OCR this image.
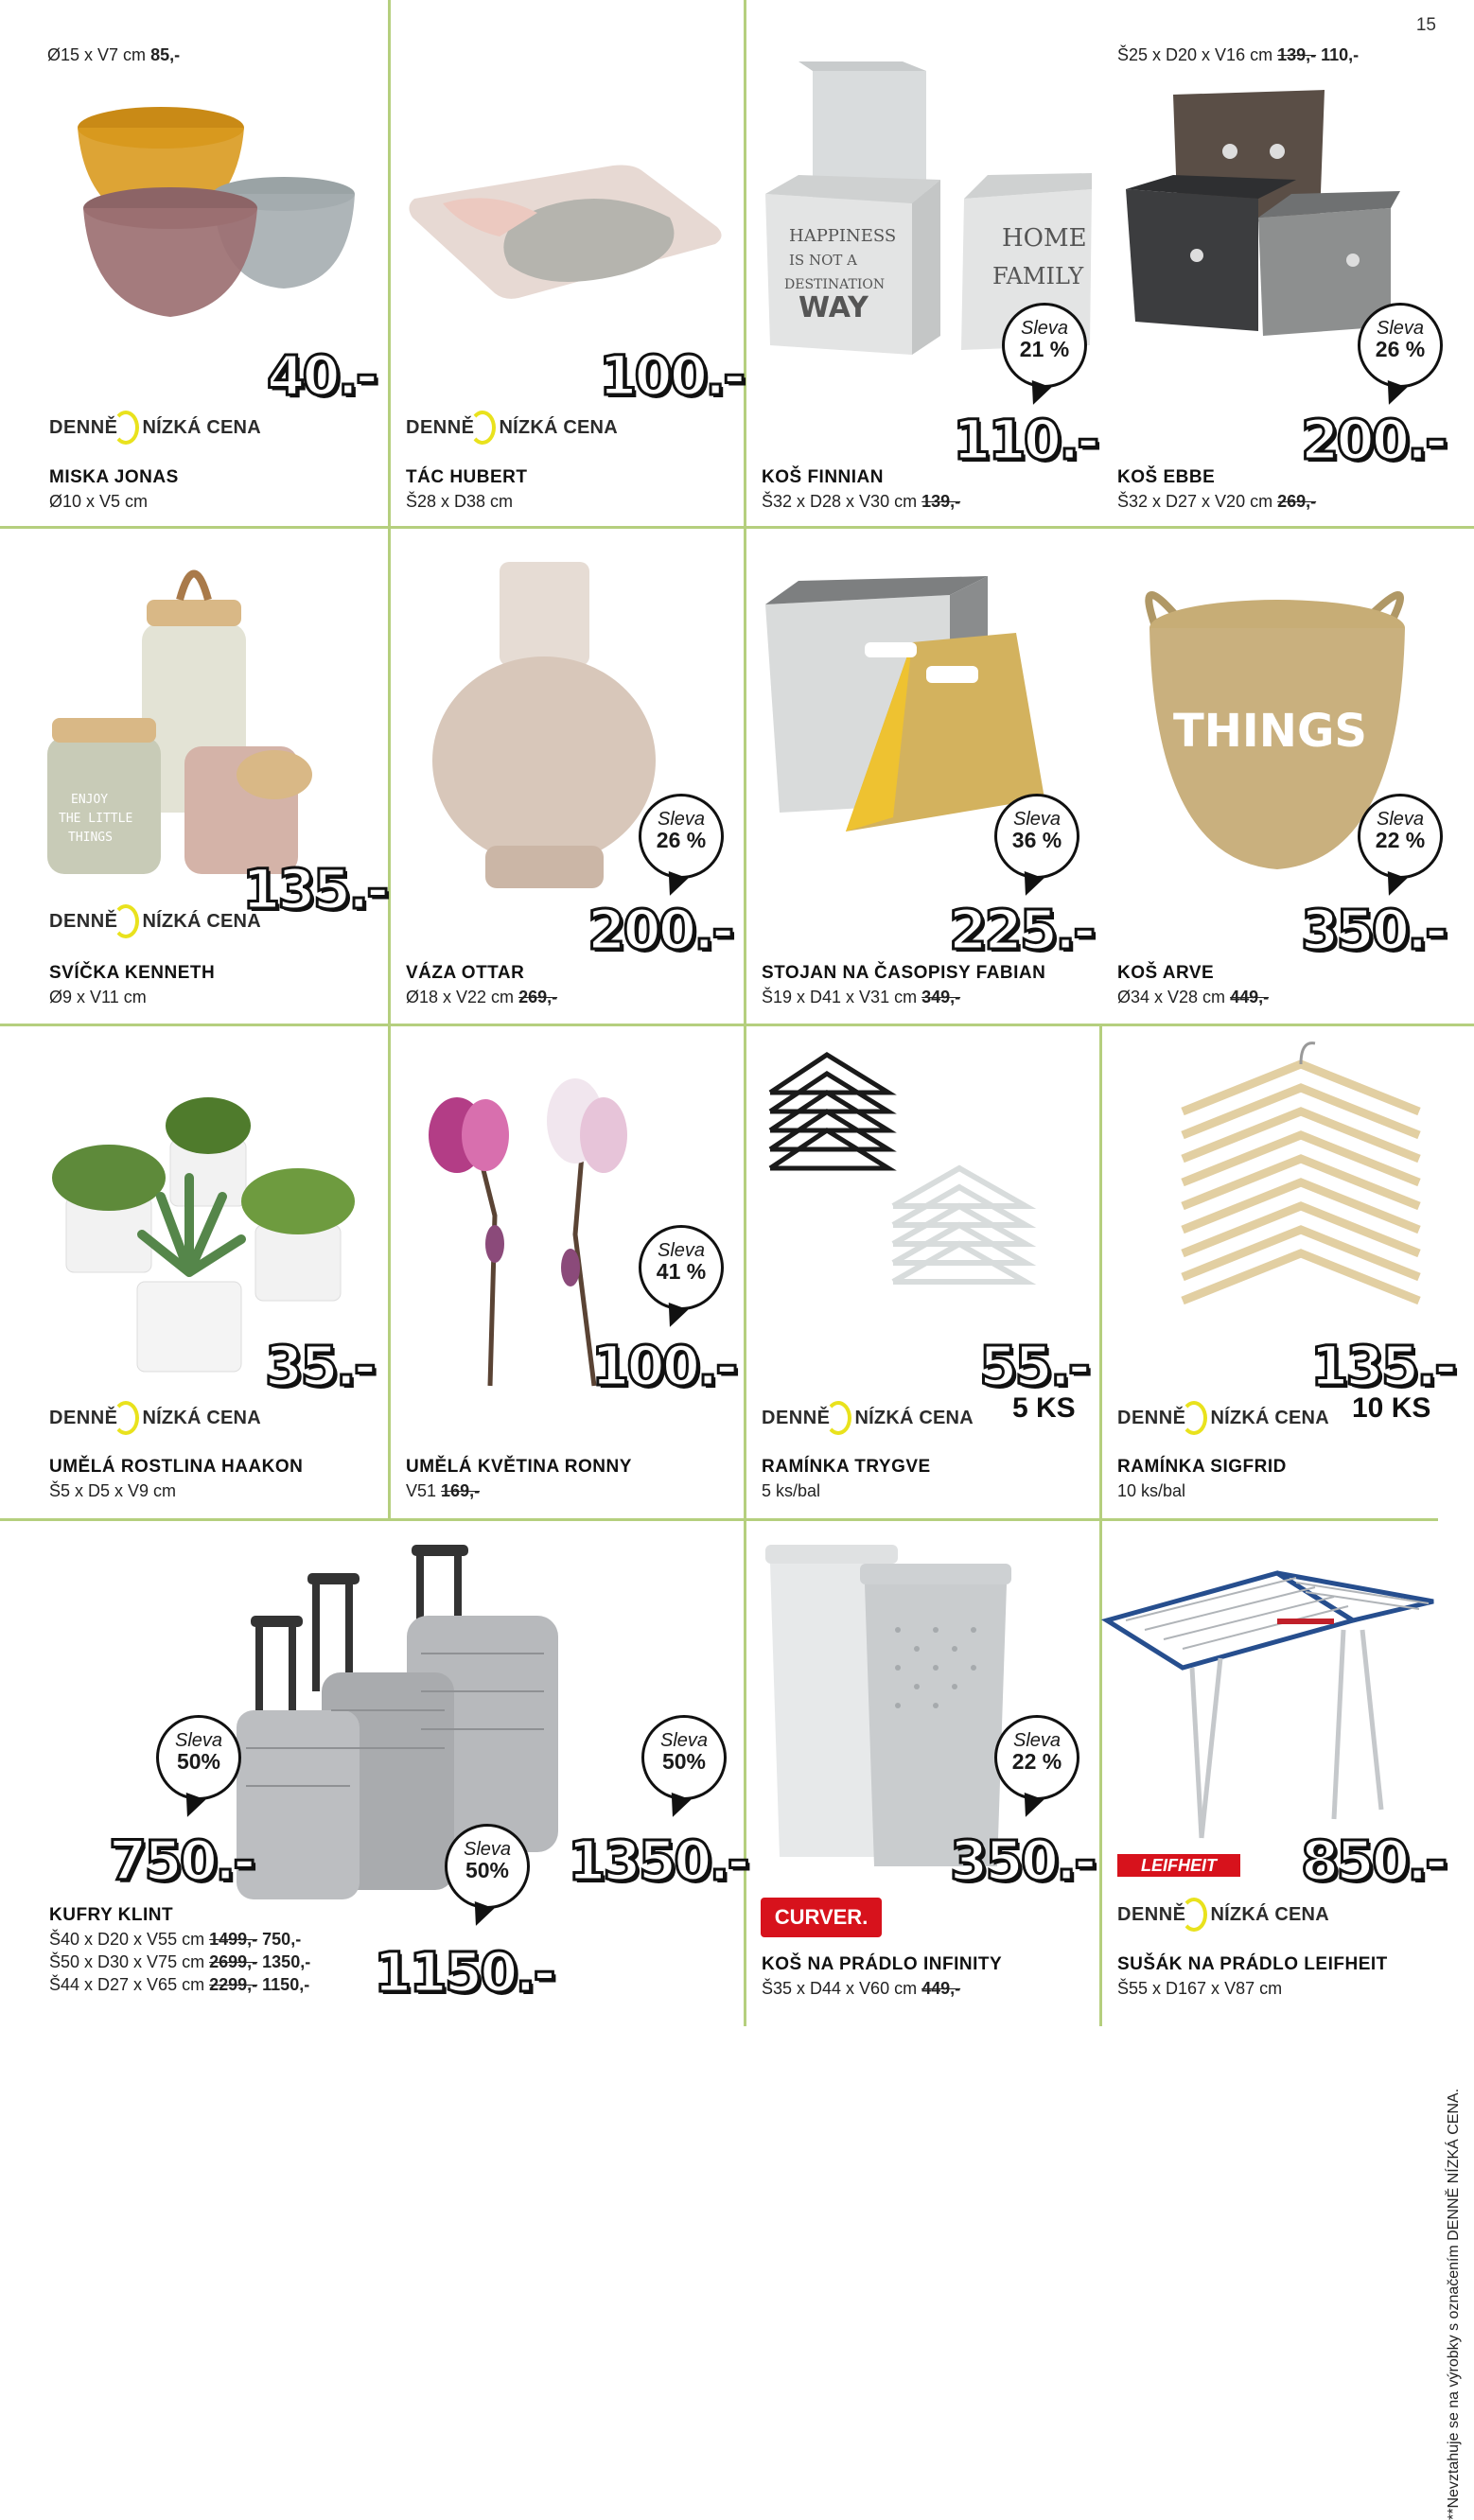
15
Ø15 x V7 cm 85,-
40.-
DENNĚ NÍZKÁ CENA
MISKA JONAS
Ø10 x V5 cm
100.-
DENNĚ NÍZKÁ CENA
TÁC HUBERT
Š28 x D38 cm
HAPPINESS
IS NOT A
DESTINATION
WAY
HOME
FAMILY
Sleva
21 %
110.-
KOŠ FINNIAN
Š32 x D28 x V30 cm 139,-
Š25 x D20 x V16 cm 139,- 110,-
Sleva
26 %
200.-
KOŠ EBBE
Š32 x D27 x V20 cm 269,-
ENJOY
THE LITTLE
THINGS
135.-
DENNĚ NÍZKÁ CENA
SVÍČKA KENNETH
Ø9 x V11 cm
Sleva
26 %
200.-
VÁZA OTTAR
Ø18 x V22 cm 269,-
Sleva
36 %
225.-
STOJAN NA ČASOPISY FABIAN
Š19 x D41 x V31 cm 349,-
THINGS
Sleva
22 %
350.-
KOŠ ARVE
Ø34 x V28 cm 449,-
35.-
DENNĚ NÍZKÁ CENA
UMĚLÁ ROSTLINA HAAKON
Š5 x D5 x V9 cm
Sleva
41 %
100.-
UMĚLÁ KVĚTINA RONNY
V51 169,-
55.-
5 KS
DENNĚ NÍZKÁ CENA
RAMÍNKA TRYGVE
5 ks/bal
135.-
10 KS
DENNĚ NÍZKÁ CENA
RAMÍNKA SIGFRID
10 ks/bal
Sleva
50%
Sleva
50%
Sleva
50%
750.-	1350.-
1150.-
KUFRY KLINT
Š40 x D20 x V55 cm 1499,- 750,-
Š50 x D30 x V75 cm 2699,- 1350,-
Š44 x D27 x V65 cm 2299,- 1150,-
Sleva
22 %
350.-
CURVER.
KOŠ NA PRÁDLO INFINITY
Š35 x D44 x V60 cm 449,-
850.-
LEIFHEIT
DENNĚ NÍZKÁ CENA
SUŠÁK NA PRÁDLO LEIFHEIT
Š55 x D167 x V87 cm
**Nevztahuje se na výrobky s označením DENNĚ NÍZKÁ CENA.
